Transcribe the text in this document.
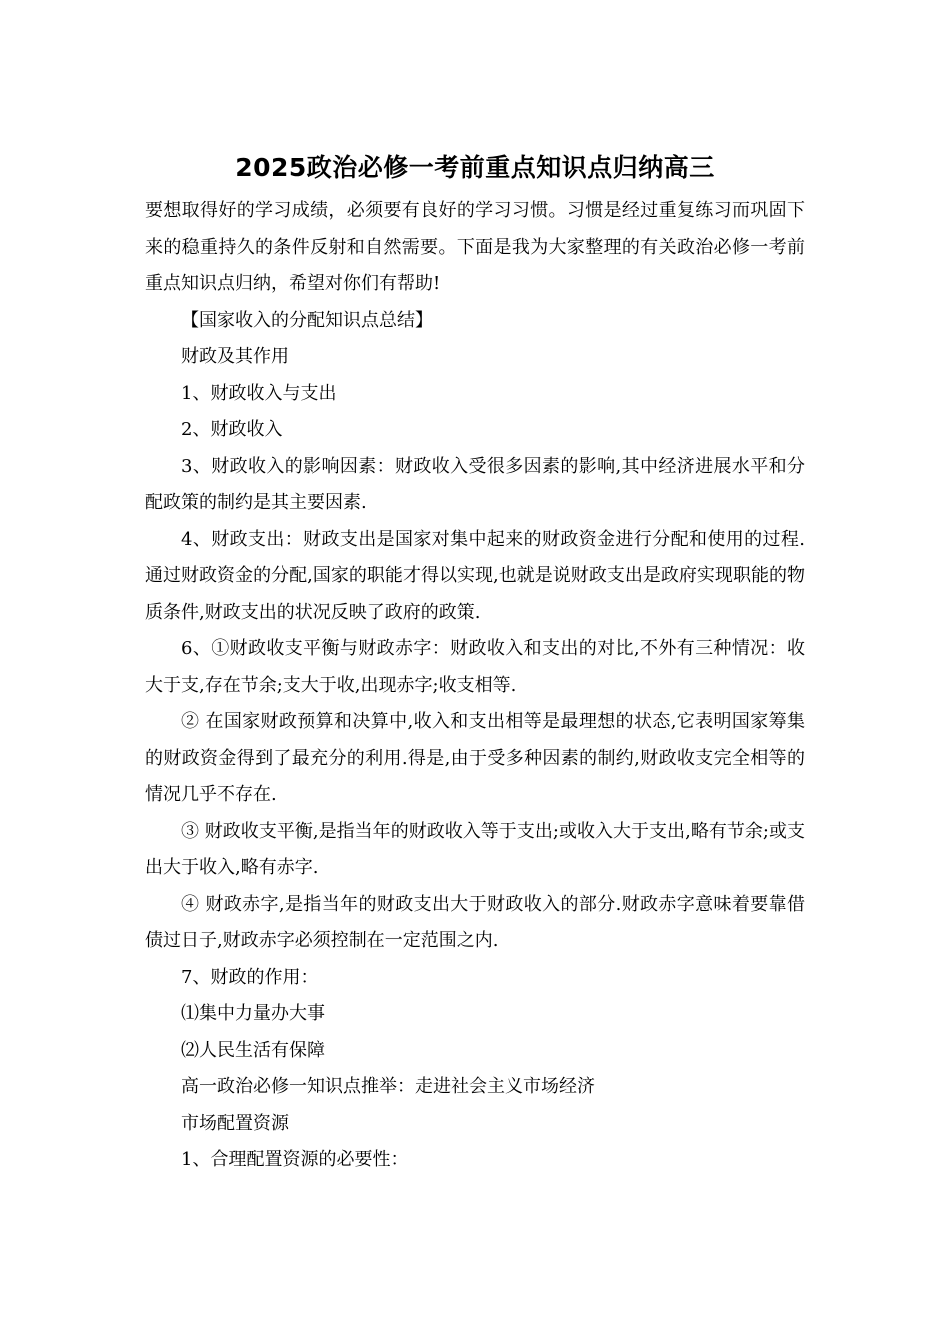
2025政治必修一考前重点知识点归纳高三

要想取得好的学习成绩，必须要有良好的学习习惯。习惯是经过重复练习而巩固下来的稳重持久的条件反射和自然需要。下面是我为大家整理的有关政治必修一考前重点知识点归纳，希望对你们有帮助!

【国家收入的分配知识点总结】

财政及其作用

1、财政收入与支出

2、财政收入

3、财政收入的影响因素：财政收入受很多因素的影响,其中经济进展水平和分配政策的制约是其主要因素.

4、财政支出：财政支出是国家对集中起来的财政资金进行分配和使用的过程.通过财政资金的分配,国家的职能才得以实现,也就是说财政支出是政府实现职能的物质条件,财政支出的状况反映了政府的政策.

6、①财政收支平衡与财政赤字：财政收入和支出的对比,不外有三种情况：收大于支,存在节余;支大于收,出现赤字;收支相等.

② 在国家财政预算和决算中,收入和支出相等是最理想的状态,它表明国家筹集的财政资金得到了最充分的利用.得是,由于受多种因素的制约,财政收支完全相等的情况几乎不存在.

③ 财政收支平衡,是指当年的财政收入等于支出;或收入大于支出,略有节余;或支出大于收入,略有赤字.

④ 财政赤字,是指当年的财政支出大于财政收入的部分.财政赤字意味着要靠借债过日子,财政赤字必须控制在一定范围之内.

7、财政的作用：

⑴集中力量办大事

⑵人民生活有保障

高一政治必修一知识点推举：走进社会主义市场经济

市场配置资源

1、合理配置资源的必要性：
